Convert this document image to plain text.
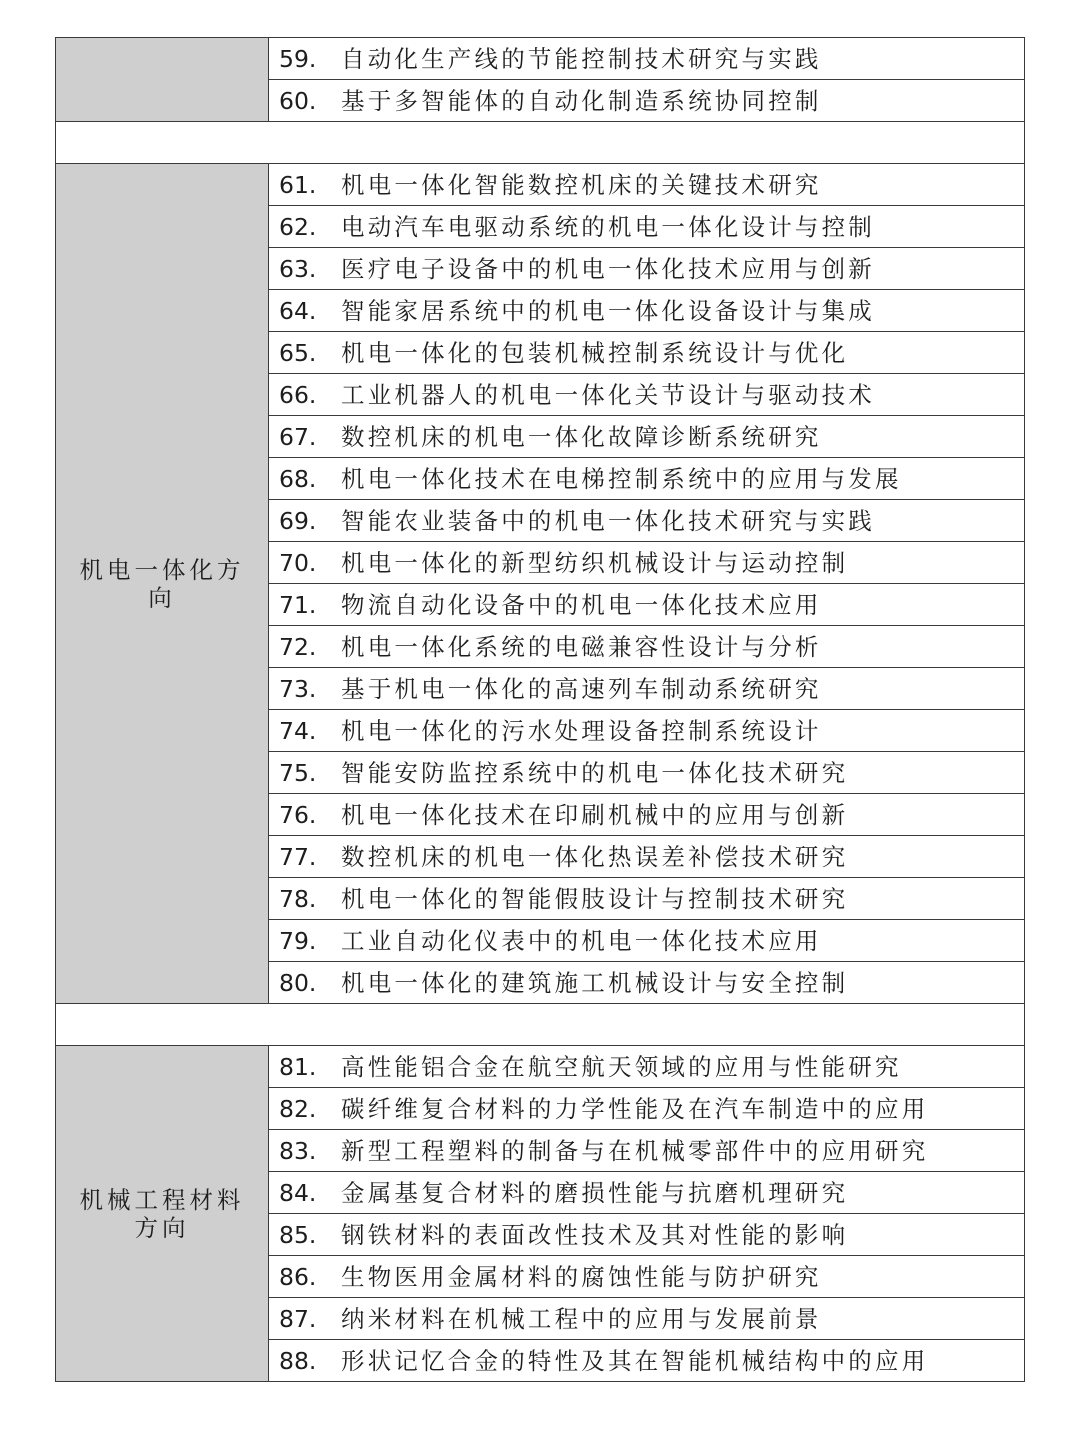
	59. 自动化生产线的节能控制技术研究与实践
	60. 基于多智能体的自动化制造系统协同控制

机电一体化方向	61. 机电一体化智能数控机床的关键技术研究
	62. 电动汽车电驱动系统的机电一体化设计与控制
	63. 医疗电子设备中的机电一体化技术应用与创新
	64. 智能家居系统中的机电一体化设备设计与集成
	65. 机电一体化的包装机械控制系统设计与优化
	66. 工业机器人的机电一体化关节设计与驱动技术
	67. 数控机床的机电一体化故障诊断系统研究
	68. 机电一体化技术在电梯控制系统中的应用与发展
	69. 智能农业装备中的机电一体化技术研究与实践
	70. 机电一体化的新型纺织机械设计与运动控制
	71. 物流自动化设备中的机电一体化技术应用
	72. 机电一体化系统的电磁兼容性设计与分析
	73. 基于机电一体化的高速列车制动系统研究
	74. 机电一体化的污水处理设备控制系统设计
	75. 智能安防监控系统中的机电一体化技术研究
	76. 机电一体化技术在印刷机械中的应用与创新
	77. 数控机床的机电一体化热误差补偿技术研究
	78. 机电一体化的智能假肢设计与控制技术研究
	79. 工业自动化仪表中的机电一体化技术应用
	80. 机电一体化的建筑施工机械设计与安全控制

机械工程材料方向	81. 高性能铝合金在航空航天领域的应用与性能研究
	82. 碳纤维复合材料的力学性能及在汽车制造中的应用
	83. 新型工程塑料的制备与在机械零部件中的应用研究
	84. 金属基复合材料的磨损性能与抗磨机理研究
	85. 钢铁材料的表面改性技术及其对性能的影响
	86. 生物医用金属材料的腐蚀性能与防护研究
	87. 纳米材料在机械工程中的应用与发展前景
	88. 形状记忆合金的特性及其在智能机械结构中的应用
